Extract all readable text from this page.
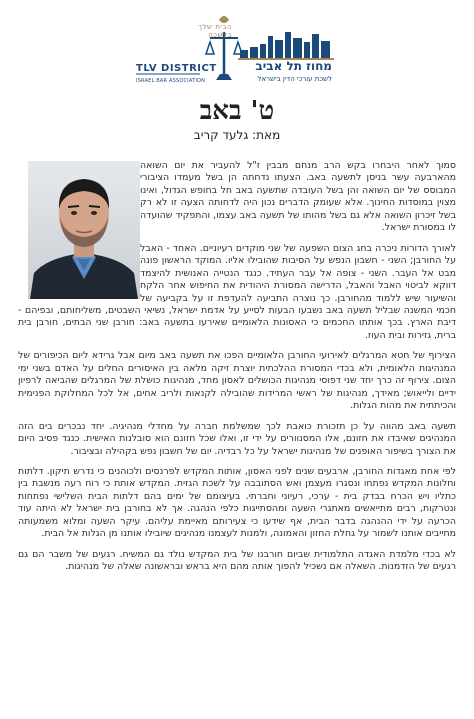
הבית שלך בלשכה
מחוז תל אביב
TLV DISTRICT
לשכת עורכי הדין בישראל
ISRAEL BAR ASSOCIATION
ט' באב
מאת: גלעד קריב

סמוך לאחר היבחרו בקש הרב מנחם מבבין ז"ל להעביר את יום השואה מהארבעה עשר בניסן לתשעה באב. הצעתו נדחתה הן בשל מעמדו הציבורי המבוסס של יום השואה והן בשל העובדה שתשעה באב חל בחופש הגדול, ואינו מצוין במוסדות החינוך. אלא שעומק הדברים נכון היה לדחותה הצעה זו לא רק בשל זיכרון השואה אלא גם בשל מהותו של תשעה באב עצמו, והתפקיד שהועדה לו במסורת ישראל.

לאורך הדורות ניכרה בחג הצום השפעה של שני מוקדים רעיוניים. האחד - האבל על החורבן; השני - חשבון הנפש על הסיבות שהובילו אליו. המוקד הראשון פונה מבט אל העבר. השני - צופה אל עבר העתיד. כנגד הנטייה האנושית להיצמד דווקא לביטוי האבל והאבל, הדרישה המסורת היהודית את החיפוש אחר הלקח והשיעור שיש ללמוד מהחורבן. כך נוצרה התביעה להעדפת זו על בקביעה של חכמי המשנה שבליל תשעה באב נשבעו הבעות לסייע על אדמת ישראל, נשיאי השבטים, משליחותם, ובפיהם - דיבת הארץ. בכך אותתו החכמים כי האסונות הלאומיים שאירעו בתשעה באב: חורבן שני הבתים, חורבן בית ברית, גזירות ובית העוז.

הצירוף של חטא המרגלים לאירועי החורבן הלאומיים הפכו את תשעה באב מיום אבל גרידא ליום הכיפורים של המנהיגות הלאומית, ולא בכדי המסורת ההלכתית יוצרת זיקה מלאה בין האיסורים החלים על האדם בשני ימי הצום. צירוף זה כרך יחד שני דפוסי מנהיגות הכושלים לאסון מחד, מנהיגות כושלת של המרגלים שהביאה לרפיון ידיים ולייאוש; מאידך, מנהיגות של ראשי המרידות שהובילה לקנאות ולריב אחים, אל לכל המחלוקת הפנימית והכיתתית את מהות הגלות.

תשעה באב מהווה על כן תזכורת כואבת לכך שמשלמת חברה על מחדלי מנהיגיה. יחד נבכרים בים הזה המנהיגים שאיבדו את חזונם, אלו המסנוורים על ידי זו, ואלו שכל חזונם הוא סובלנות האישית. כנגד פסיב היום את הצורך בשיפור האופנים של מנהיגות ישראל על כל רבדיה. יום של חשבון נפש בקהילה ובציבור.

לפי אחת מאגדות החורבן, ארבעים שנים לפני האסון, אותות המקדש לפרנסים ולכוהנים כי נדרש תיקון. דלתות וחלונות המקדש נפתחו ונסגרו מעצמן ואש הסתובבה על לשכת הגזית. המקדש אותת כי רוח רעה מנשבת בין כתליו ויש הכרח בבדק בית - ערכי, רעיוני וחברתי. בעיצומם של ימים בהם דלתות הבית השלישי נפתחות ונטרקות, רבים מתייאשים מאתגרי השעה ומהסתייגות כלפי הנהגה. אך לא בחורבן בית ישראל לא היתה עוד הכרעה על ידי ההנהגה בדבר הבית, אף שידעו כי צעירותם מאיימת עליהם. עיקר השעה ומלוא משמעותה מחייבים אותנו לשמור על גחלת החזון והאמונה, ולמנות לעצמנו מנהיגים שיובילו אותנו מן הגלות אל הבית.

לא בכדי מלמדת האגדה התלמודית שביום חורבנו של בית המקדש נולד גם המשיח. רגעים של משבר הם גם רגעים של הזדמנות. השאלה אם נשכיל להפוך אותה מהם היא בראש ובראשונה שאלה של מנהיגות.
